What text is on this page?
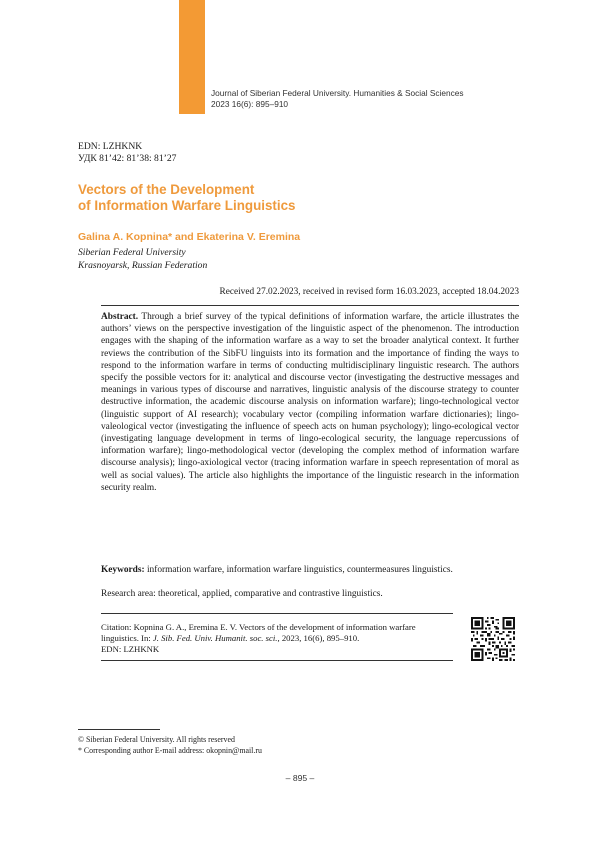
Journal of Siberian Federal University. Humanities & Social Sciences
2023 16(6): 895–910
EDN: LZHKNK
УДК 81’42: 81’38: 81’27
Vectors of the Development
of Information Warfare Linguistics
Galina A. Kopnina* and Ekaterina V. Eremina
Siberian Federal University
Krasnoyarsk, Russian Federation
Received 27.02.2023, received in revised form 16.03.2023, accepted 18.04.2023
Abstract. Through a brief survey of the typical definitions of information warfare, the article illustrates the authors’ views on the perspective investigation of the linguistic aspect of the phenomenon. The introduction engages with the shaping of the information warfare as a way to set the broader analytical context. It further reviews the contribution of the SibFU linguists into its formation and the importance of finding the ways to respond to the information warfare in terms of conducting multidisciplinary linguistic research. The authors specify the possible vectors for it: analytical and discourse vector (investigating the destructive messages and meanings in various types of discourse and narratives, linguistic analysis of the discourse strategy to counter destructive information, the academic discourse analysis on information warfare); lingo-technological vector (linguistic support of AI research); vocabulary vector (compiling information warfare dictionaries); lingo-valeological vector (investigating the influence of speech acts on human psychology); lingo-ecological vector (investigating language development in terms of lingo-ecological security, the language repercussions of information warfare); lingo-methodological vector (developing the complex method of information warfare discourse analysis); lingo-axiological vector (tracing information warfare in speech representation of moral as well as social values). The article also highlights the importance of the linguistic research in the information security realm.
Keywords: information warfare, information warfare linguistics, countermeasures linguistics.
Research area: theoretical, applied, comparative and contrastive linguistics.
Citation: Kopnina G. A., Eremina E. V. Vectors of the development of information warfare linguistics. In: J. Sib. Fed. Univ. Humanit. soc. sci., 2023, 16(6), 895–910.
EDN: LZHKNK
© Siberian Federal University. All rights reserved
* Corresponding author E-mail address: okopnin@mail.ru
– 895 –
